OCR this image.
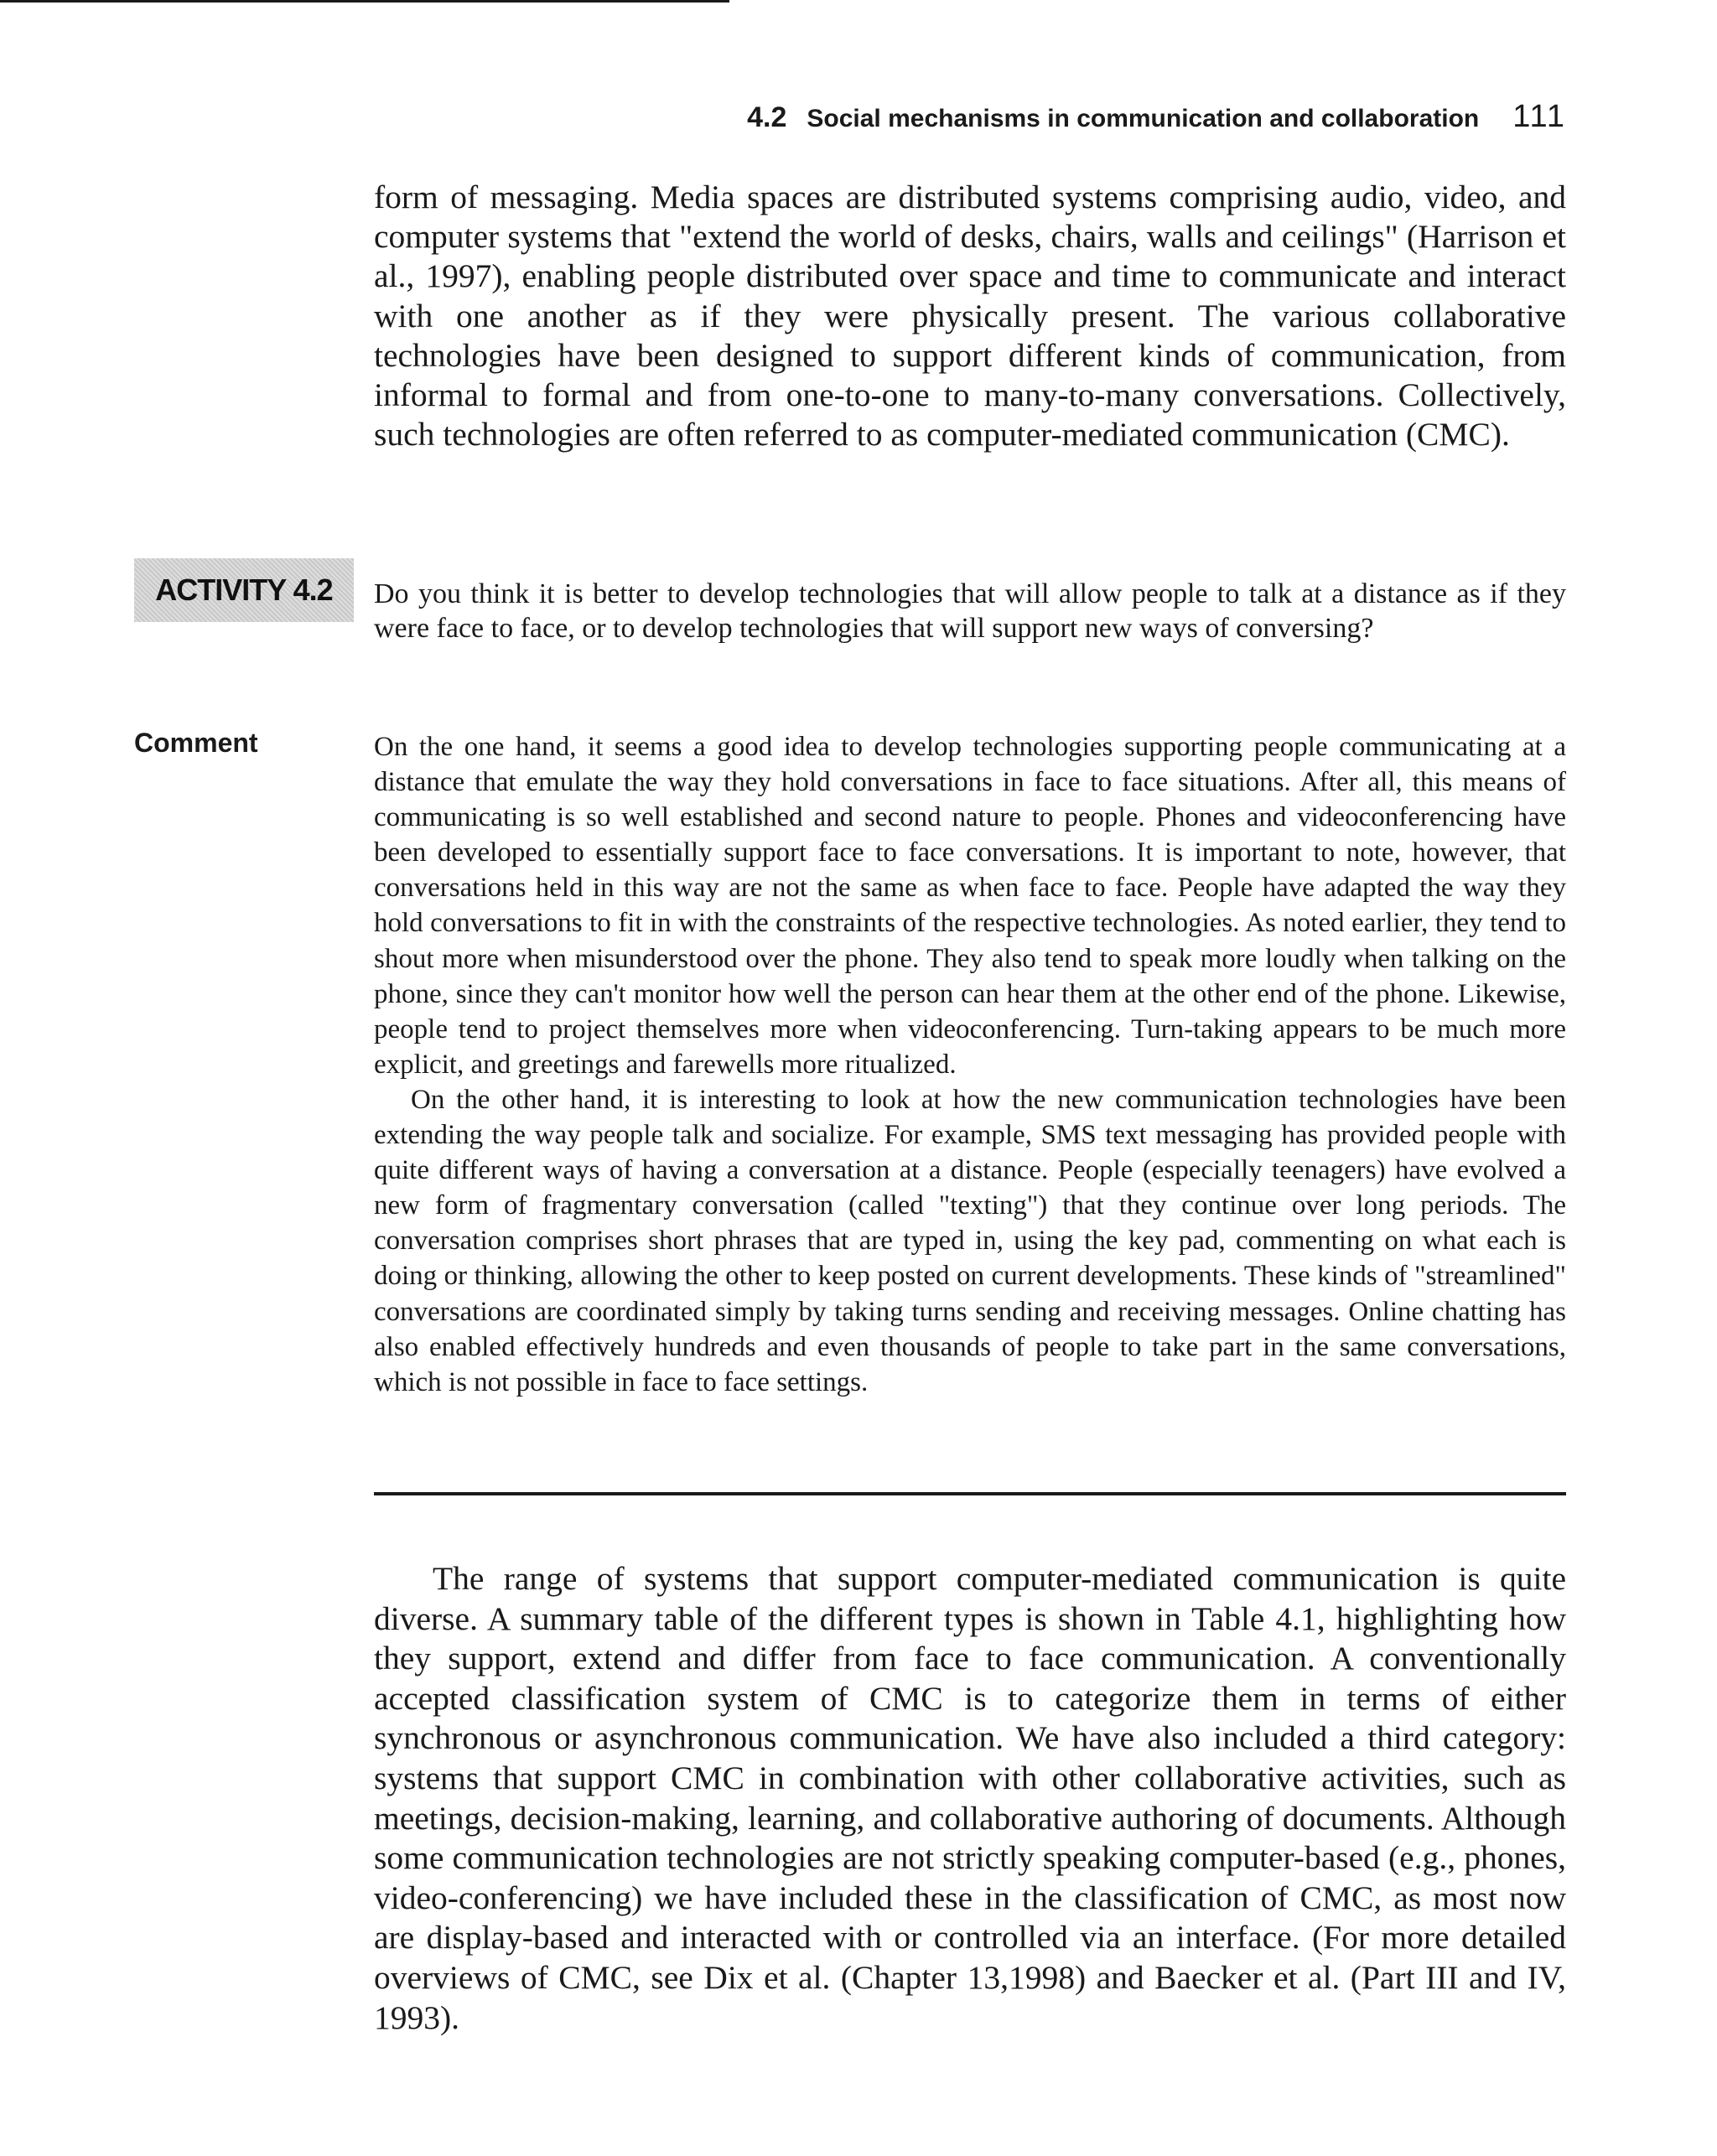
4.2 Social mechanisms in communication and collaboration 111

form of messaging. Media spaces are distributed systems comprising audio, video, and computer systems that "extend the world of desks, chairs, walls and ceilings" (Harrison et al., 1997), enabling people distributed over space and time to communicate and interact with one another as if they were physically present. The various collaborative technologies have been designed to support different kinds of communication, from informal to formal and from one-to-one to many-to-many conversations. Collectively, such technologies are often referred to as computer-mediated communication (CMC).

ACTIVITY 4.2	Do you think it is better to develop technologies that will allow people to talk at a distance as if they were face to face, or to develop technologies that will support new ways of conversing?

Comment	On the one hand, it seems a good idea to develop technologies supporting people communicating at a distance that emulate the way they hold conversations in face to face situations. After all, this means of communicating is so well established and second nature to people. Phones and videoconferencing have been developed to essentially support face to face conversations. It is important to note, however, that conversations held in this way are not the same as when face to face. People have adapted the way they hold conversations to fit in with the constraints of the respective technologies. As noted earlier, they tend to shout more when misunderstood over the phone. They also tend to speak more loudly when talking on the phone, since they can't monitor how well the person can hear them at the other end of the phone. Likewise, people tend to project themselves more when videoconferencing. Turn-taking appears to be much more explicit, and greetings and farewells more ritualized.

On the other hand, it is interesting to look at how the new communication technologies have been extending the way people talk and socialize. For example, SMS text messaging has provided people with quite different ways of having a conversation at a distance. People (especially teenagers) have evolved a new form of fragmentary conversation (called "texting") that they continue over long periods. The conversation comprises short phrases that are typed in, using the key pad, commenting on what each is doing or thinking, allowing the other to keep posted on current developments. These kinds of "streamlined" conversations are coordinated simply by taking turns sending and receiving messages. Online chatting has also enabled effectively hundreds and even thousands of people to take part in the same conversations, which is not possible in face to face settings.

The range of systems that support computer-mediated communication is quite diverse. A summary table of the different types is shown in Table 4.1, highlighting how they support, extend and differ from face to face communication. A conventionally accepted classification system of CMC is to categorize them in terms of either synchronous or asynchronous communication. We have also included a third category: systems that support CMC in combination with other collaborative activities, such as meetings, decision-making, learning, and collaborative authoring of documents. Although some communication technologies are not strictly speaking computer-based (e.g., phones, video-conferencing) we have included these in the classification of CMC, as most now are display-based and interacted with or controlled via an interface. (For more detailed overviews of CMC, see Dix et al. (Chapter 13,1998) and Baecker et al. (Part III and IV, 1993).
